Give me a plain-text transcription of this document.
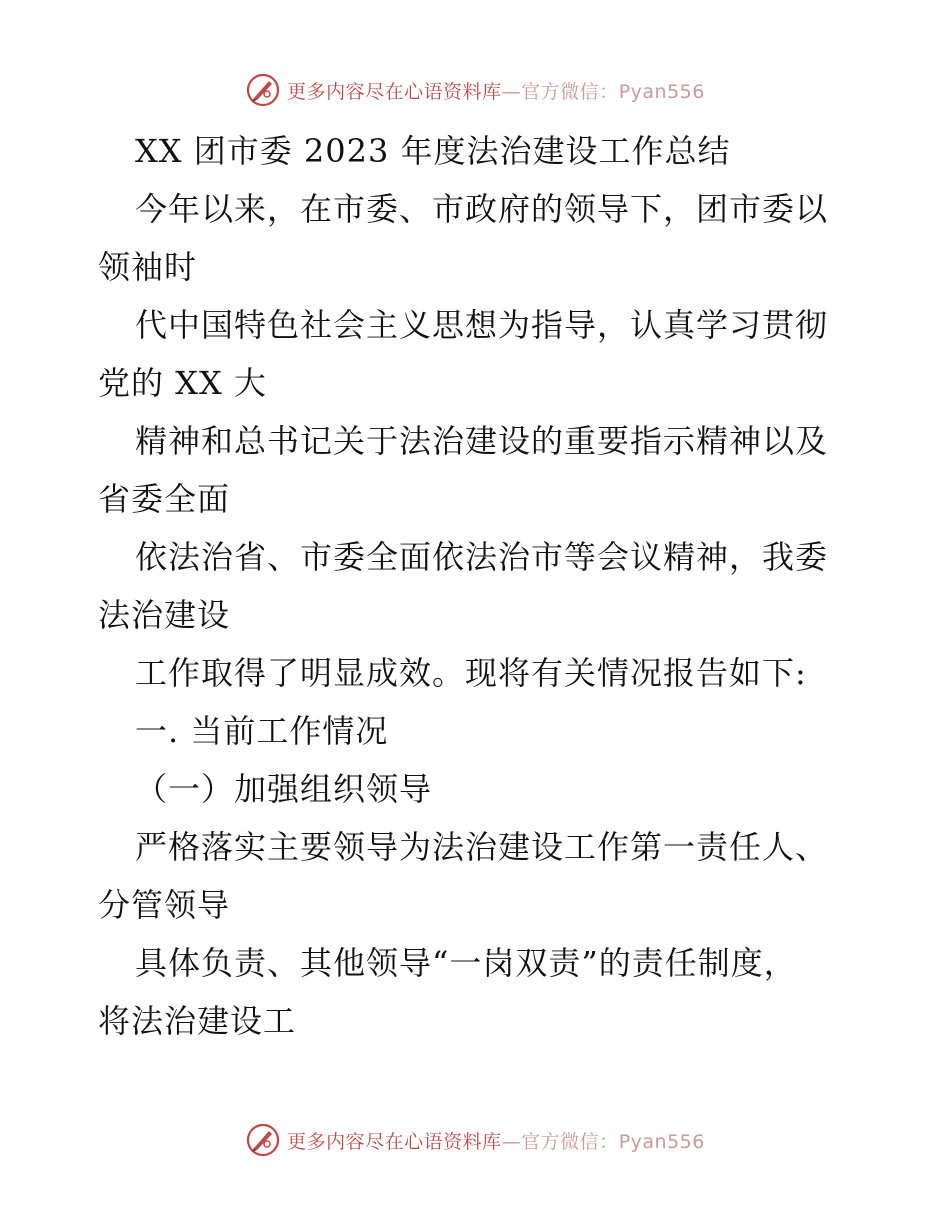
更多内容尽在心语资料库—官方微信：Pyan556
XX 团市委 2023 年度法治建设工作总结
今年以来，在市委、市政府的领导下，团市委以
领袖时
代中国特色社会主义思想为指导，认真学习贯彻
党的 XX 大
精神和总书记关于法治建设的重要指示精神以及
省委全面
依法治省、市委全面依法治市等会议精神，我委
法治建设
工作取得了明显成效。现将有关情况报告如下:
一. 当前工作情况
（一）加强组织领导
严格落实主要领导为法治建设工作第一责任人、
分管领导
具体负责、其他领导“一岗双责”的责任制度，
将法治建设工
更多内容尽在心语资料库—官方微信：Pyan556
